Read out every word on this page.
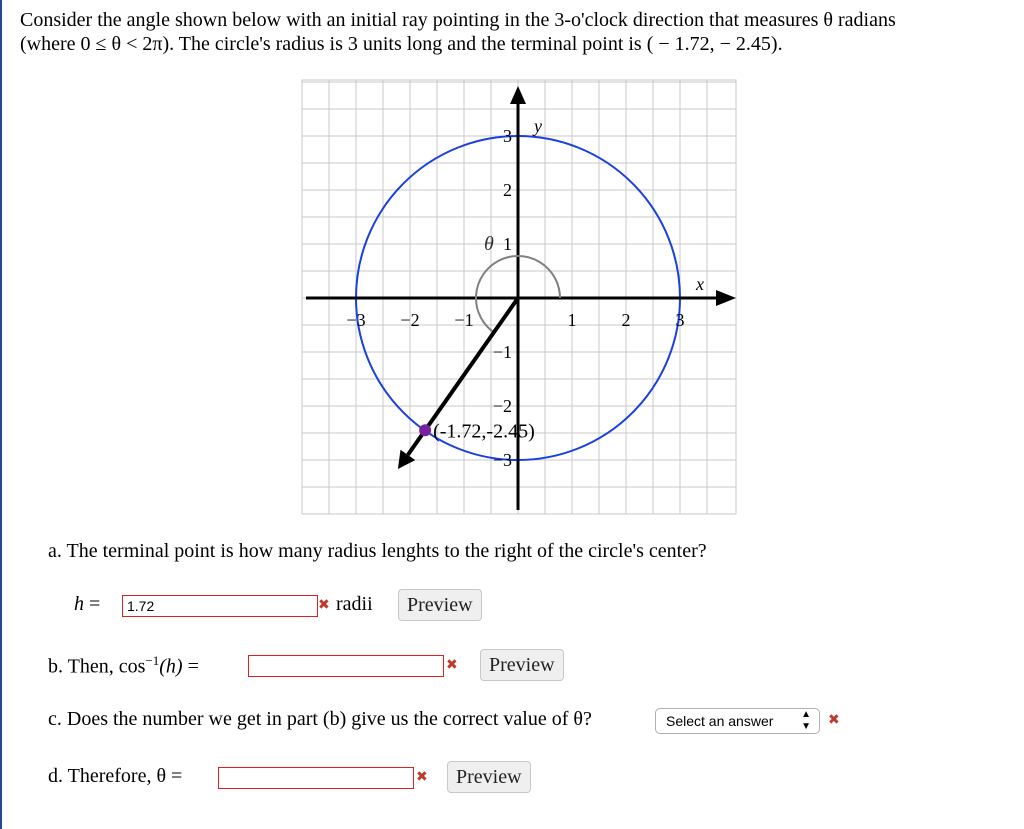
Consider the angle shown below with an initial ray pointing in the 3-o'clock direction that measures θ radians
(where 0 ≤ θ < 2π). The circle's radius is 3 units long and the terminal point is ( − 1.72, − 2.45).
−3 −2 −1	1	2	3
3
2
1
−1
−2
−3
(-1.72,-2.45)
θ
x
y
a. The terminal point is how many radius lenghts to the right of the circle's center?
h =	1.72	✖ radii	Preview
b. Then, $\cos^{-1}(h)$ =	✖	Preview
c. Does the number we get in part (b) give us the correct value of θ?	Select an answer	▲
▼ ✖
d. Therefore, θ =	✖	Preview
